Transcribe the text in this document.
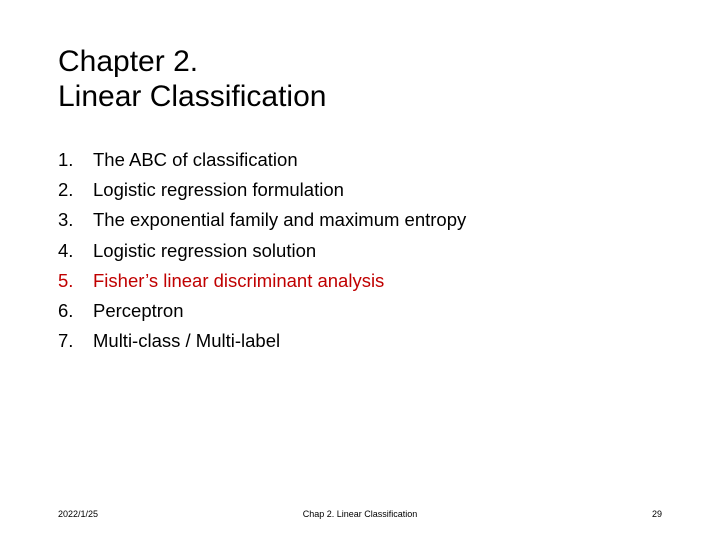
Chapter 2.
Linear Classification
1.	The ABC of classification
2.	Logistic regression formulation
3.	The exponential family and maximum entropy
4.	Logistic regression solution
5.	Fisher’s linear discriminant analysis
6.	Perceptron
7.	Multi-class / Multi-label
2022/1/25	Chap 2. Linear Classification	29
